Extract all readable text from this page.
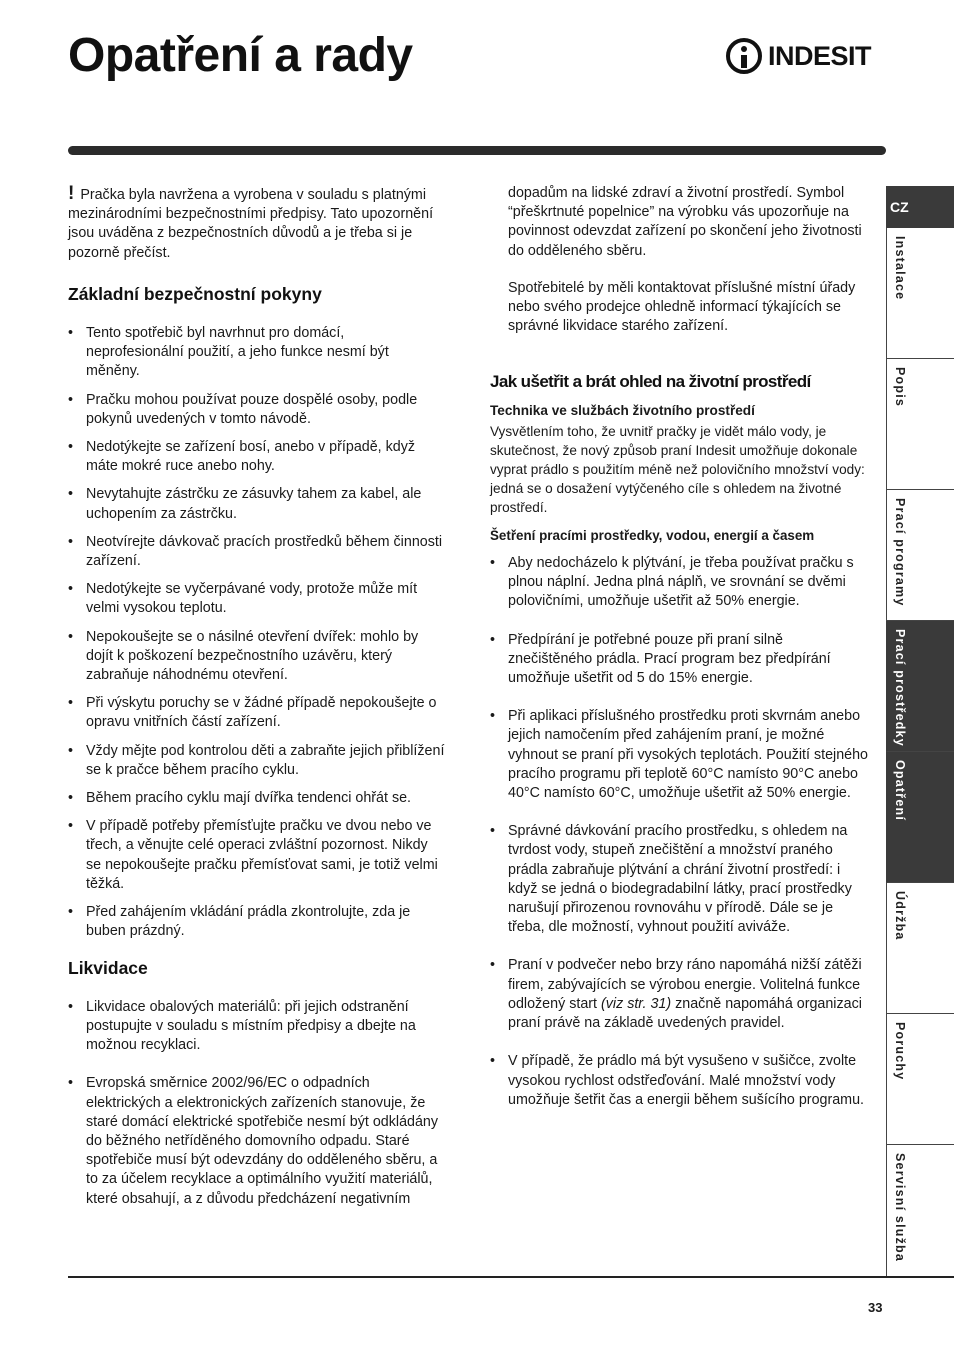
Opatření a rady	INDESIT

! Pračka byla navržena a vyrobena v souladu s platnými mezinárodními bezpečnostními předpisy. Tato upozornění jsou uváděna z bezpečnostních důvodů a je třeba si je pozorně přečíst.

Základní bezpečnostní pokyny
• Tento spotřebič byl navrhnut pro domácí, neprofesionální použití, a jeho funkce nesmí být měněny.
• Pračku mohou používat pouze dospělé osoby, podle pokynů uvedených v tomto návodě.
• Nedotýkejte se zařízení bosí, anebo v případě, když máte mokré ruce anebo nohy.
• Nevytahujte zástrčku ze zásuvky tahem za kabel, ale uchopením za zástrčku.
• Neotvírejte dávkovač pracích prostředků během činnosti zařízení.
• Nedotýkejte se vyčerpávané vody, protože může mít velmi vysokou teplotu.
• Nepokoušejte se o násilné otevření dvířek: mohlo by dojít k poškození bezpečnostního uzávěru, který zabraňuje náhodnému otevření.
• Při výskytu poruchy se v žádné případě nepokoušejte o opravu vnitřních částí zařízení.
• Vždy mějte pod kontrolou děti a zabraňte jejich přiblížení se k pračce během pracího cyklu.
• Během pracího cyklu mají dvířka tendenci ohřát se.
• V případě potřeby přemísťujte pračku ve dvou nebo ve třech, a věnujte celé operaci zvláštní pozornost. Nikdy se nepokoušejte pračku přemísťovat sami, je totiž velmi těžká.
• Před zahájením vkládání prádla zkontrolujte, zda je buben prázdný.
Likvidace
• Likvidace obalových materiálů: při jejich odstranění postupujte v souladu s místním předpisy a dbejte na možnou recyklaci.
• Evropská směrnice 2002/96/EC o odpadních elektrických a elektronických zařízeních stanovuje, že staré domácí elektrické spotřebiče nesmí být odkládány do běžného netříděného domovního odpadu. Staré spotřebiče musí být odevzdány do odděleného sběru, a to za účelem recyklace a optimálního využití materiálů, které obsahují, a z důvodu předcházení negativním

dopadům na lidské zdraví a životní prostředí. Symbol “přeškrtnuté popelnice” na výrobku vás upozorňuje na povinnost odevzdat zařízení po skončení jeho životnosti do odděleného sběru.

Spotřebitelé by měli kontaktovat příslušné místní úřady nebo svého prodejce ohledně informací týkajících se správné likvidace starého zařízení.

Jak ušetřit a brát ohled na životní prostředí

Technika ve službách životního prostředí

Vysvětlením toho, že uvnitř pračky je vidět málo vody, je skutečnost, že nový způsob praní Indesit umožňuje dokonale vyprat prádlo s použitím méně než polovičního množství vody: jedná se o dosažení vytýčeného cíle s ohledem na životné prostředí.

Šetření pracími prostředky, vodou, energií a časem

• Aby nedocházelo k plýtvání, je třeba používat pračku s plnou náplní. Jedna plná náplň, ve srovnání se dvěmi polovičními, umožňuje ušetřit až 50% energie.
• Předpírání je potřebné pouze při praní silně znečištěného prádla. Prací program bez předpírání umožňuje ušetřit od 5 do 15% energie.
• Při aplikaci příslušného prostředku proti skvrnám anebo jejich namočením před zahájením praní, je možné vyhnout se praní při vysokých teplotách. Použití stejného pracího programu při teplotě 60°C namísto 90°C anebo 40°C namísto 60°C, umožňuje ušetřit až 50% energie.
• Správné dávkování pracího prostředku, s ohledem na tvrdost vody, stupeň znečištění a množství praného prádla zabraňuje plýtvání a chrání životní prostředí: i když se jedná o biodegradabilní látky, prací prostředky narušují přirozenou rovnováhu v přírodě. Dále se je třeba, dle možností, vyhnout použití aviváže.
• Praní v podvečer nebo brzy ráno napomáhá nižší zátěži firem, zabývajících se výrobou energie. Volitelná funkce odložený start (viz str. 31) značně napomáhá organizaci praní právě na základě uvedených pravidel.
• V případě, že prádlo má být vysušeno v sušičce, zvolte vysokou rychlost odstřeďování. Malé množství vody umožňuje šetřit čas a energii během sušícího programu.
CZ
Instalace
Popis
Prací programy
Prací prostředky
Opatření
Údržba
Poruchy
Servisní služba
33
